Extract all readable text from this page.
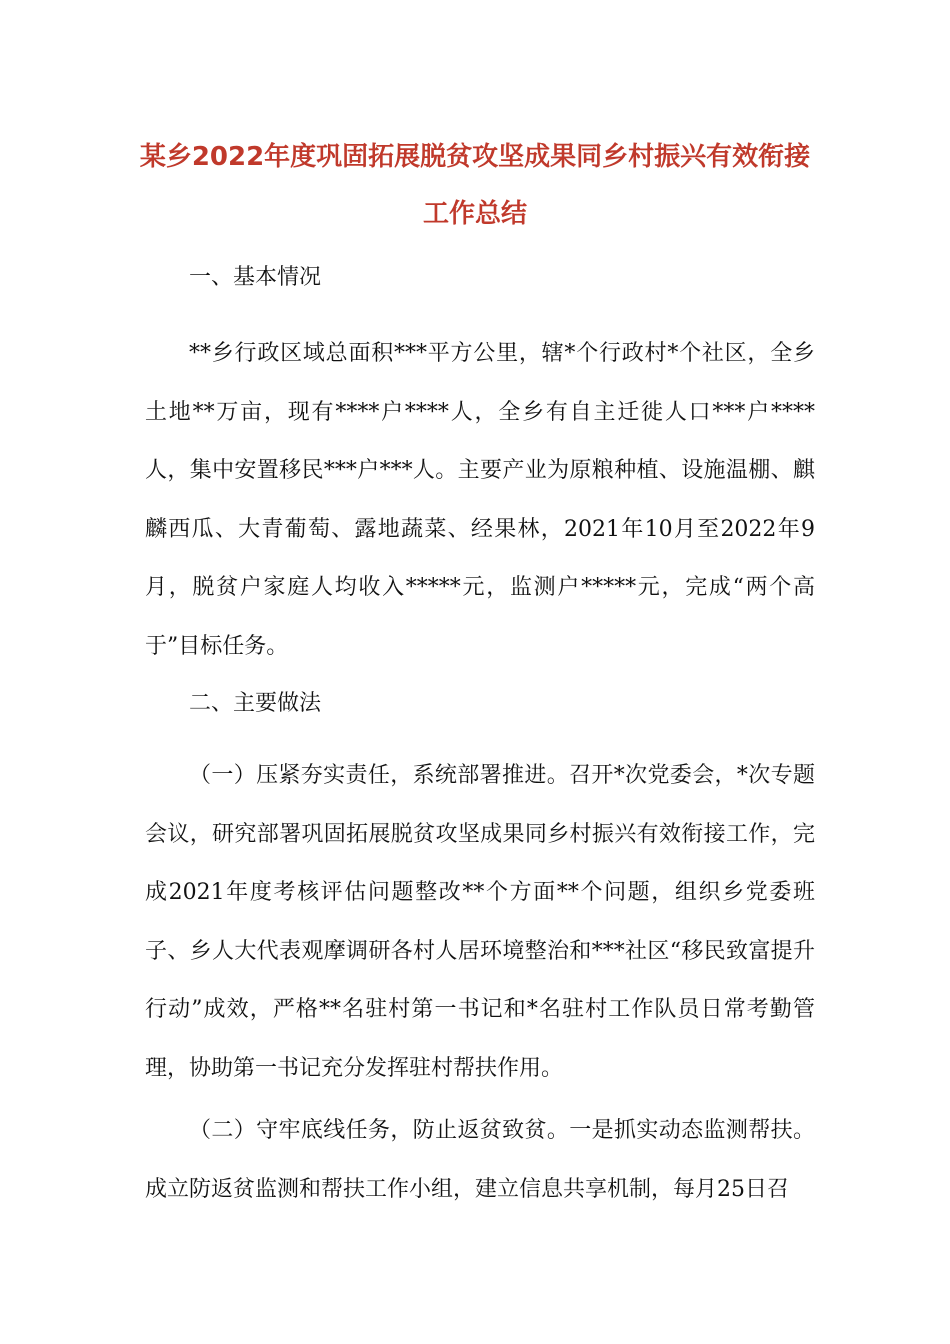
某乡2022年度巩固拓展脱贫攻坚成果同乡村振兴有效衔接
工作总结
一、基本情况
**乡行政区域总面积***平方公里，辖*个行政村*个社区，全乡土地**万亩，现有****户****人，全乡有自主迁徙人口***户****人，集中安置移民***户***人。主要产业为原粮种植、设施温棚、麒麟西瓜、大青葡萄、露地蔬菜、经果林，2021年10月至2022年9月，脱贫户家庭人均收入*****元，监测户*****元，完成“两个高于”目标任务。
二、主要做法
（一）压紧夯实责任，系统部署推进。召开*次党委会，*次专题会议，研究部署巩固拓展脱贫攻坚成果同乡村振兴有效衔接工作，完成2021年度考核评估问题整改**个方面**个问题，组织乡党委班子、乡人大代表观摩调研各村人居环境整治和***社区“移民致富提升行动”成效，严格**名驻村第一书记和*名驻村工作队员日常考勤管理，协助第一书记充分发挥驻村帮扶作用。
（二）守牢底线任务，防止返贫致贫。一是抓实动态监测帮扶。成立防返贫监测和帮扶工作小组，建立信息共享机制，每月25日召
